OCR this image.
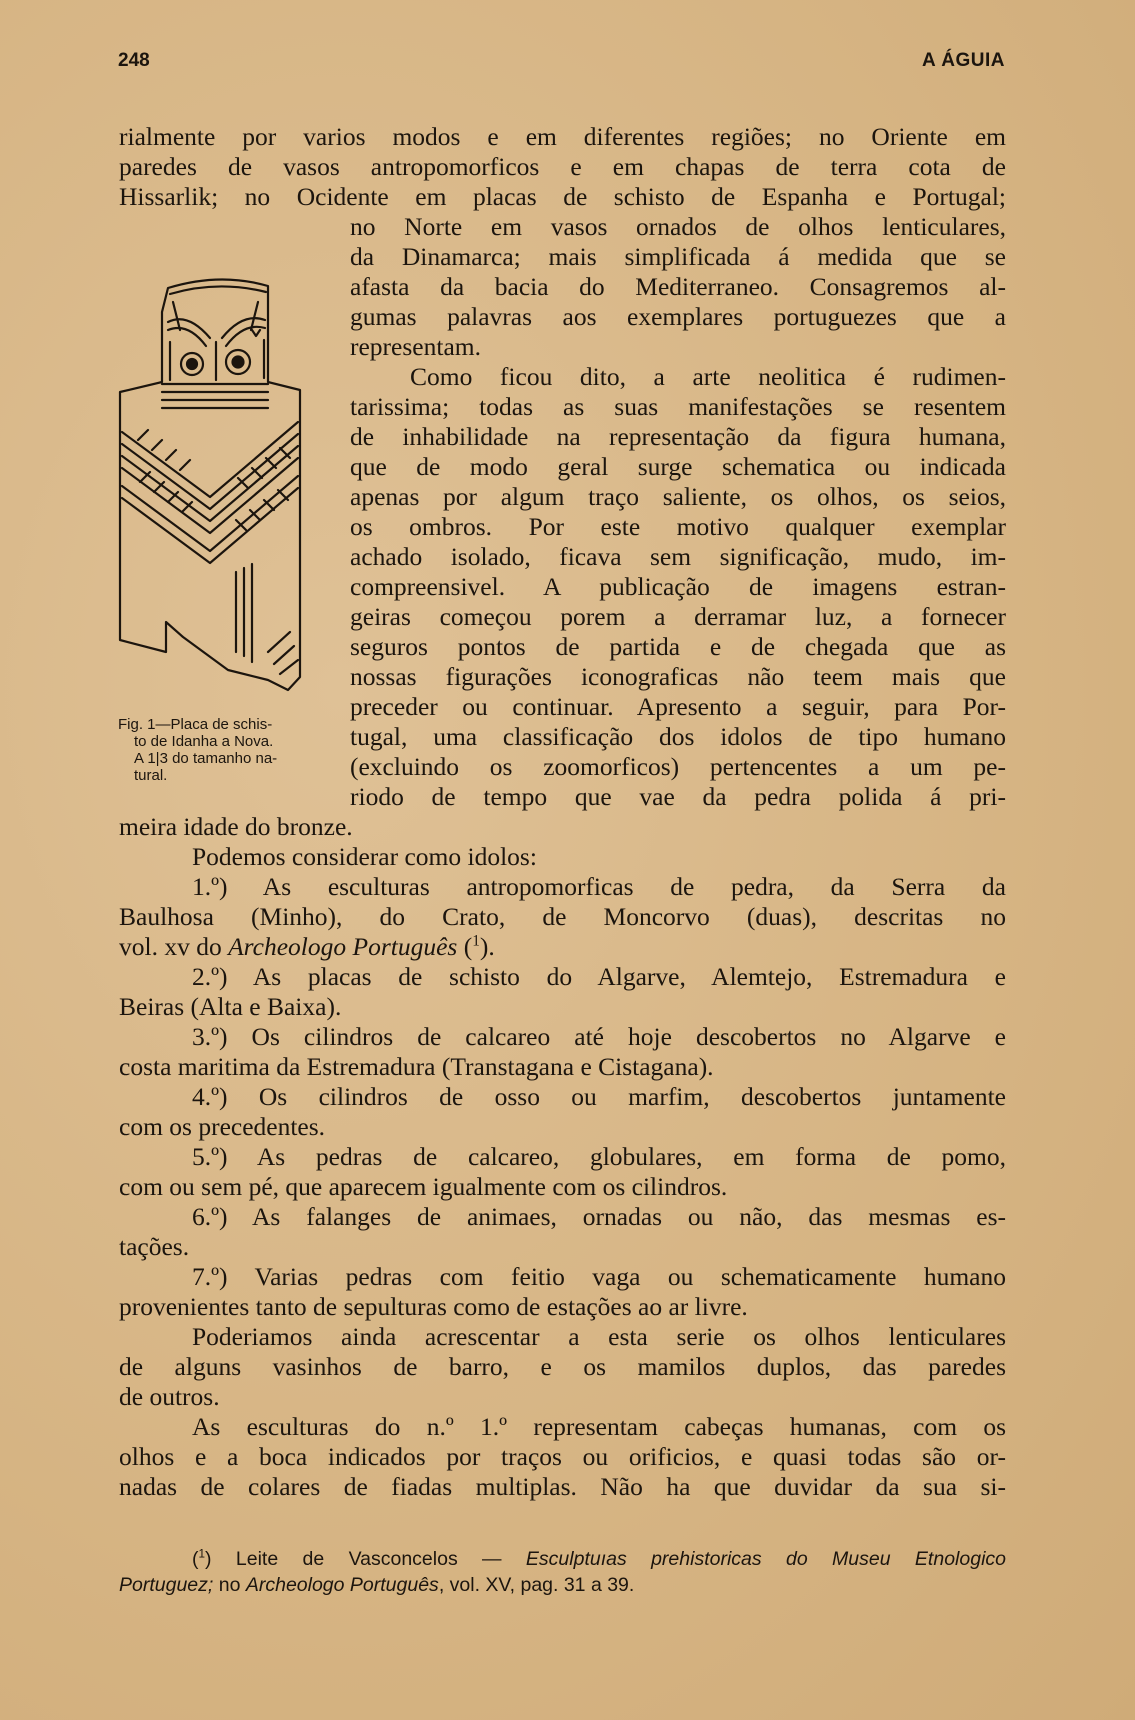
248	A ÁGUIA
rialmente por varios modos e em diferentes regiões; no Oriente em
paredes de vasos antropomorficos e em chapas de terra cota de
Hissarlik; no Ocidente em placas de schisto de Espanha e Portugal;
no Norte em vasos ornados de olhos lenticulares,
da Dinamarca; mais simplificada á medida que se
afasta da bacia do Mediterraneo. Consagremos al-
gumas palavras aos exemplares portuguezes que a
representam.
Como ficou dito, a arte neolitica é rudimen-
tarissima; todas as suas manifestações se resentem
de inhabilidade na representação da figura humana,
que de modo geral surge schematica ou indicada
apenas por algum traço saliente, os olhos, os seios,
os ombros. Por este motivo qualquer exemplar
achado isolado, ficava sem significação, mudo, im-
compreensivel. A publicação de imagens estran-
geiras começou porem a derramar luz, a fornecer
seguros pontos de partida e de chegada que as
nossas figurações iconograficas não teem mais que
preceder ou continuar. Apresento a seguir, para Por-
tugal, uma classificação dos idolos de tipo humano
(excluindo os zoomorficos) pertencentes a um pe-
riodo de tempo que vae da pedra polida á pri-
meira idade do bronze.
Podemos considerar como idolos:
1.º) As esculturas antropomorficas de pedra, da Serra da
Baulhosa (Minho), do Crato, de Moncorvo (duas), descritas no
vol. xv do Archeologo Português ($^1$).
2.º) As placas de schisto do Algarve, Alemtejo, Estremadura e
Beiras (Alta e Baixa).
3.º) Os cilindros de calcareo até hoje descobertos no Algarve e
costa maritima da Estremadura (Transtagana e Cistagana).
4.º) Os cilindros de osso ou marfim, descobertos juntamente
com os precedentes.
5.º) As pedras de calcareo, globulares, em forma de pomo,
com ou sem pé, que aparecem igualmente com os cilindros.
6.º) As falanges de animaes, ornadas ou não, das mesmas es-
tações.
7.º) Varias pedras com feitio vaga ou schematicamente humano
provenientes tanto de sepulturas como de estações ao ar livre.
Poderiamos ainda acrescentar a esta serie os olhos lenticulares
de alguns vasinhos de barro, e os mamilos duplos, das paredes
de outros.
As esculturas do n.º 1.º representam cabeças humanas, com os
olhos e a boca indicados por traços ou orificios, e quasi todas são or-
nadas de colares de fiadas multiplas. Não ha que duvidar da sua si-
Fig. 1—Placa de schis-
to de Idanha a Nova.
A 1|3 do tamanho na-
tural.
($^1$) Leite de Vasconcelos — Esculptuıas prehistoricas do Museu Etnologico
Portuguez; no Archeologo Português, vol. XV, pag. 31 a 39.
